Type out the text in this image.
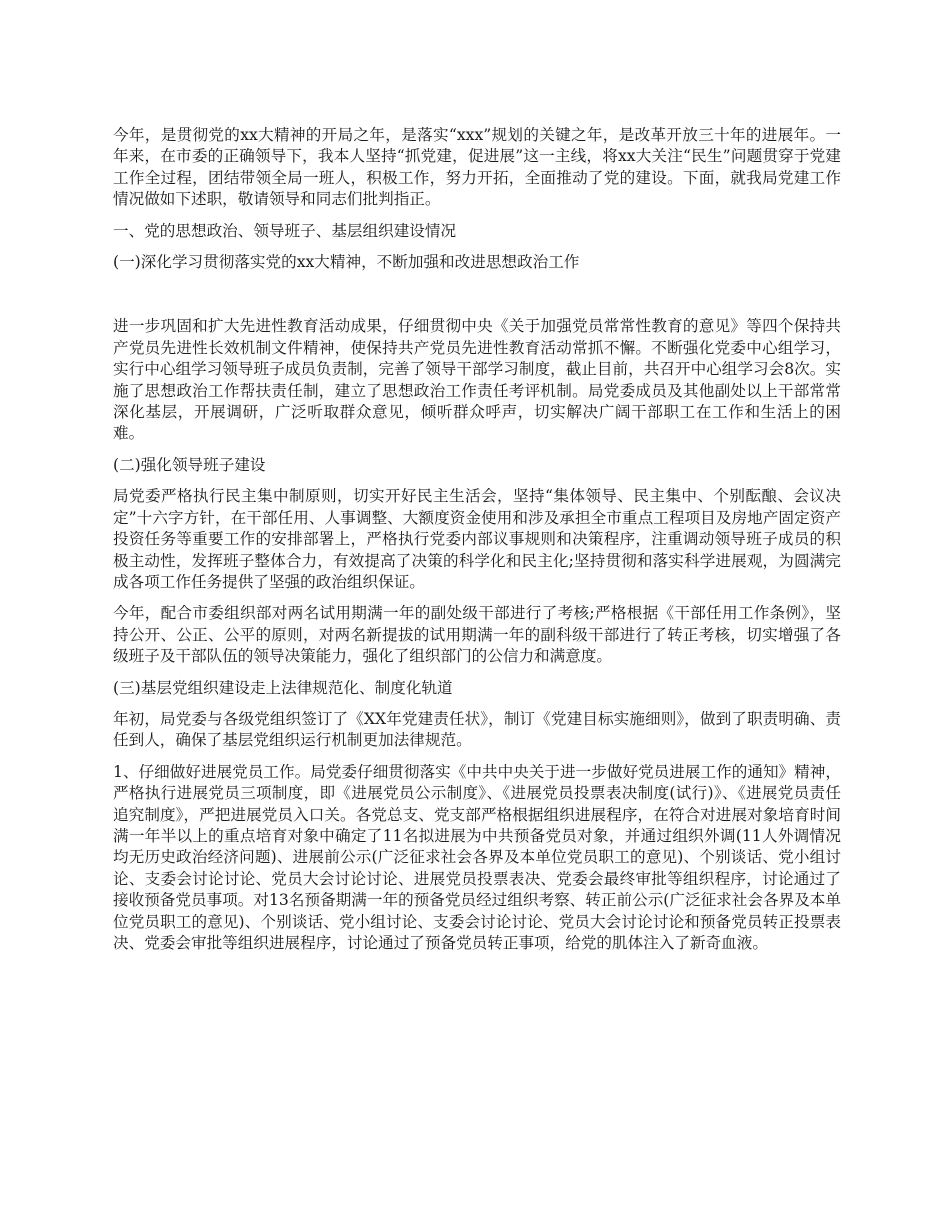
今年，是贯彻党的xx大精神的开局之年，是落实“xxx”规划的关键之年，是改革开放三十年的进展年。一年来，在市委的正确领导下，我本人坚持“抓党建，促进展”这一主线，将xx大关注“民生”问题贯穿于党建工作全过程，团结带领全局一班人，积极工作，努力开拓，全面推动了党的建设。下面，就我局党建工作情况做如下述职，敬请领导和同志们批判指正。

一、党的思想政治、领导班子、基层组织建设情况

(一)深化学习贯彻落实党的xx大精神，不断加强和改进思想政治工作

进一步巩固和扩大先进性教育活动成果，仔细贯彻中央《关于加强党员常常性教育的意见》等四个保持共产党员先进性长效机制文件精神，使保持共产党员先进性教育活动常抓不懈。不断强化党委中心组学习，实行中心组学习领导班子成员负责制，完善了领导干部学习制度，截止目前，共召开中心组学习会8次。实施了思想政治工作帮扶责任制，建立了思想政治工作责任考评机制。局党委成员及其他副处以上干部常常深化基层，开展调研，广泛听取群众意见，倾听群众呼声，切实解决广阔干部职工在工作和生活上的困难。

(二)强化领导班子建设

局党委严格执行民主集中制原则，切实开好民主生活会，坚持“集体领导、民主集中、个别酝酿、会议决定”十六字方针，在干部任用、人事调整、大额度资金使用和涉及承担全市重点工程项目及房地产固定资产投资任务等重要工作的安排部署上，严格执行党委内部议事规则和决策程序，注重调动领导班子成员的积极主动性，发挥班子整体合力，有效提高了决策的科学化和民主化;坚持贯彻和落实科学进展观，为圆满完成各项工作任务提供了坚强的政治组织保证。

今年，配合市委组织部对两名试用期满一年的副处级干部进行了考核;严格根据《干部任用工作条例》，坚持公开、公正、公平的原则，对两名新提拔的试用期满一年的副科级干部进行了转正考核，切实增强了各级班子及干部队伍的领导决策能力，强化了组织部门的公信力和满意度。

(三)基层党组织建设走上法律规范化、制度化轨道

年初，局党委与各级党组织签订了《XX年党建责任状》，制订《党建目标实施细则》，做到了职责明确、责任到人，确保了基层党组织运行机制更加法律规范。

1、仔细做好进展党员工作。局党委仔细贯彻落实《中共中央关于进一步做好党员进展工作的通知》精神，严格执行进展党员三项制度，即《进展党员公示制度》、《进展党员投票表决制度(试行)》、《进展党员责任追究制度》，严把进展党员入口关。各党总支、党支部严格根据组织进展程序，在符合对进展对象培育时间满一年半以上的重点培育对象中确定了11名拟进展为中共预备党员对象，并通过组织外调(11人外调情况均无历史政治经济问题)、进展前公示(广泛征求社会各界及本单位党员职工的意见)、个别谈话、党小组讨论、支委会讨论讨论、党员大会讨论讨论、进展党员投票表决、党委会最终审批等组织程序，讨论通过了接收预备党员事项。对13名预备期满一年的预备党员经过组织考察、转正前公示(广泛征求社会各界及本单位党员职工的意见)、个别谈话、党小组讨论、支委会讨论讨论、党员大会讨论讨论和预备党员转正投票表决、党委会审批等组织进展程序，讨论通过了预备党员转正事项，给党的肌体注入了新奇血液。
